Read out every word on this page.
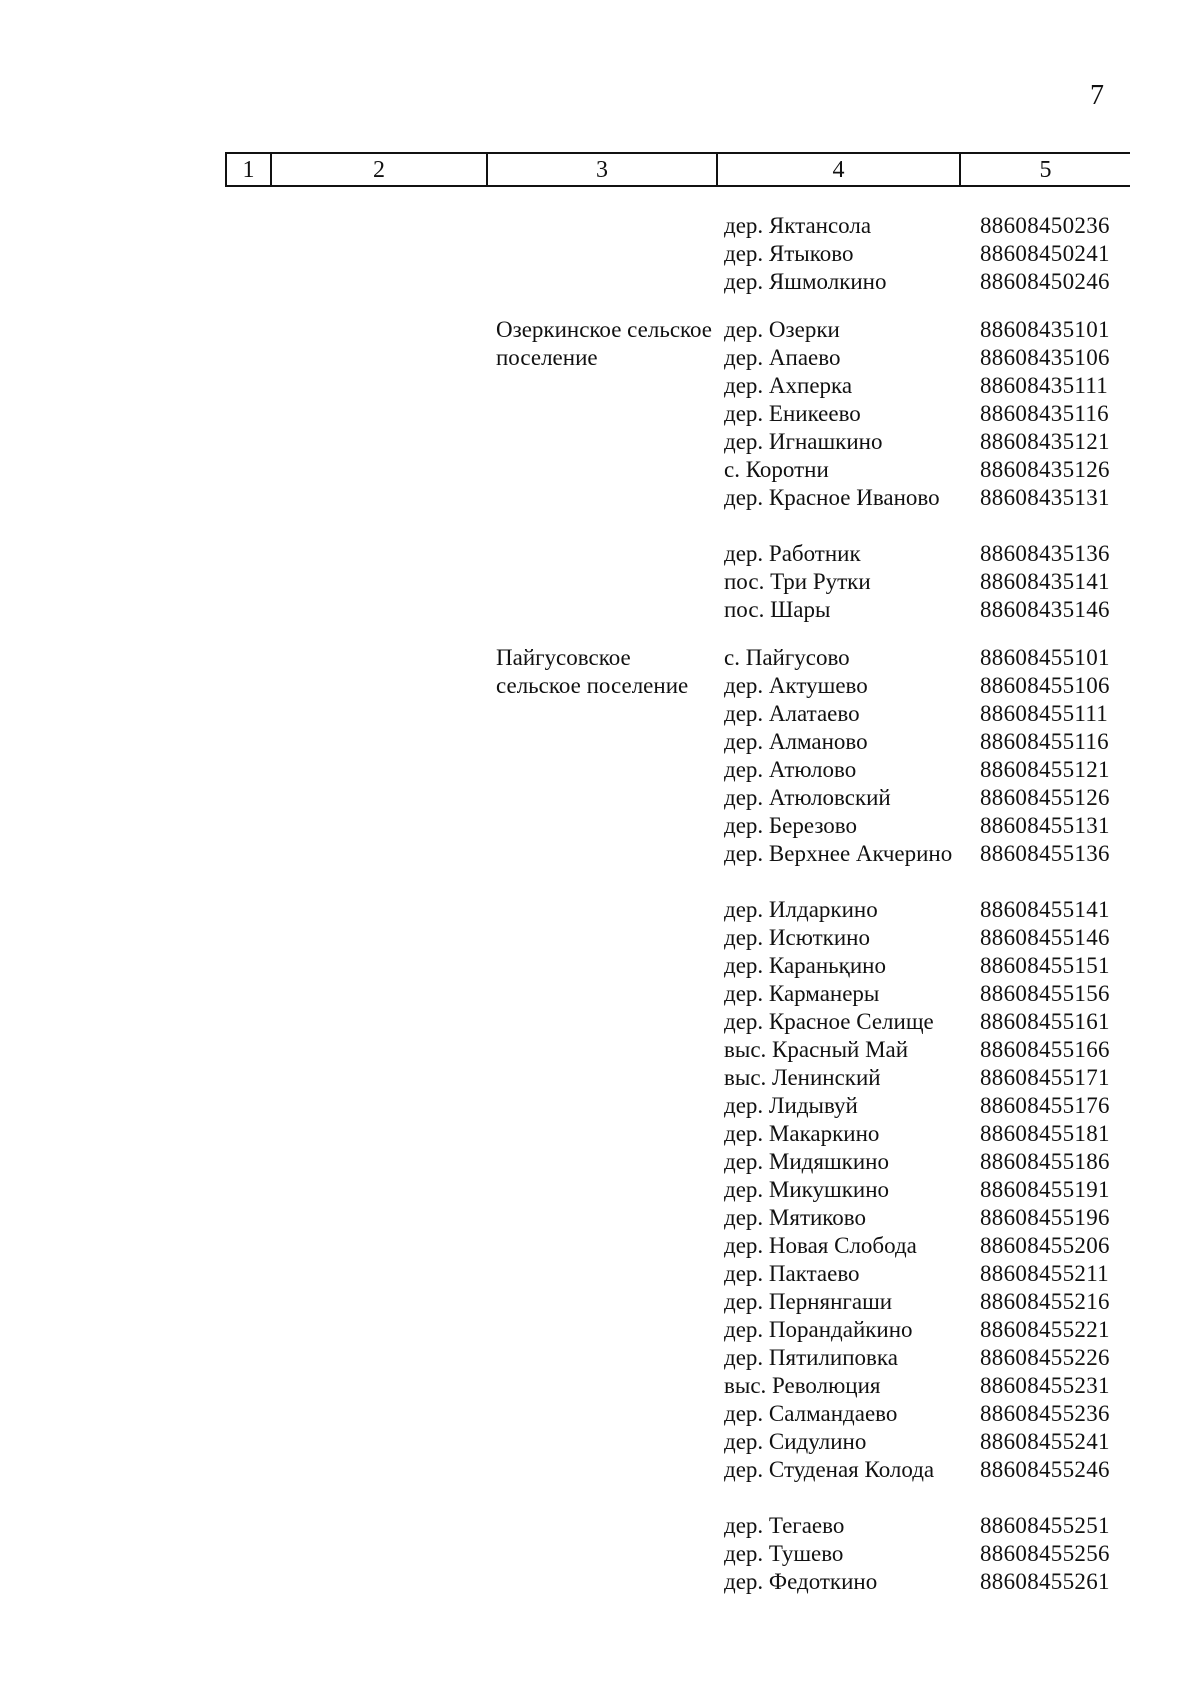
7
1	2	3	4	5
дер. Яктансола	88608450236
дер. Ятыково	88608450241
дер. Яшмолкино	88608450246
Озеркинское сельское поселение
дер. Озерки	88608435101
дер. Апаево	88608435106
дер. Ахперка	88608435111
дер. Еникеево	88608435116
дер. Игнашкино	88608435121
с. Коротни	88608435126
дер. Красное Иваново	88608435131
дер. Работник	88608435136
пос. Три Рутки	88608435141
пос. Шары	88608435146
Пайгусовское сельское поселение
с. Пайгусово	88608455101
дер. Актушево	88608455106
дер. Алатаево	88608455111
дер. Алманово	88608455116
дер. Атюлово	88608455121
дер. Атюловский	88608455126
дер. Березово	88608455131
дер. Верхнее Акчерино 88608455136
дер. Илдаркино	88608455141
дер. Исюткино	88608455146
дер. Караньқино	88608455151
дер. Карманеры	88608455156
дер. Красное Селище	88608455161
выс. Красный Май	88608455166
выс. Ленинский	88608455171
дер. Лидывуй	88608455176
дер. Макаркино	88608455181
дер. Мидяшкино	88608455186
дер. Микушкино	88608455191
дер. Мятиково	88608455196
дер. Новая Слобода	88608455206
дер. Пактаево	88608455211
дер. Пернянгаши	88608455216
дер. Порандайкино	88608455221
дер. Пятилиповка	88608455226
выс. Революция	88608455231
дер. Салмандаево	88608455236
дер. Сидулино	88608455241
дер. Студеная Колода	88608455246
дер. Тегаево	88608455251
дер. Тушево	88608455256
дер. Федоткино	88608455261
